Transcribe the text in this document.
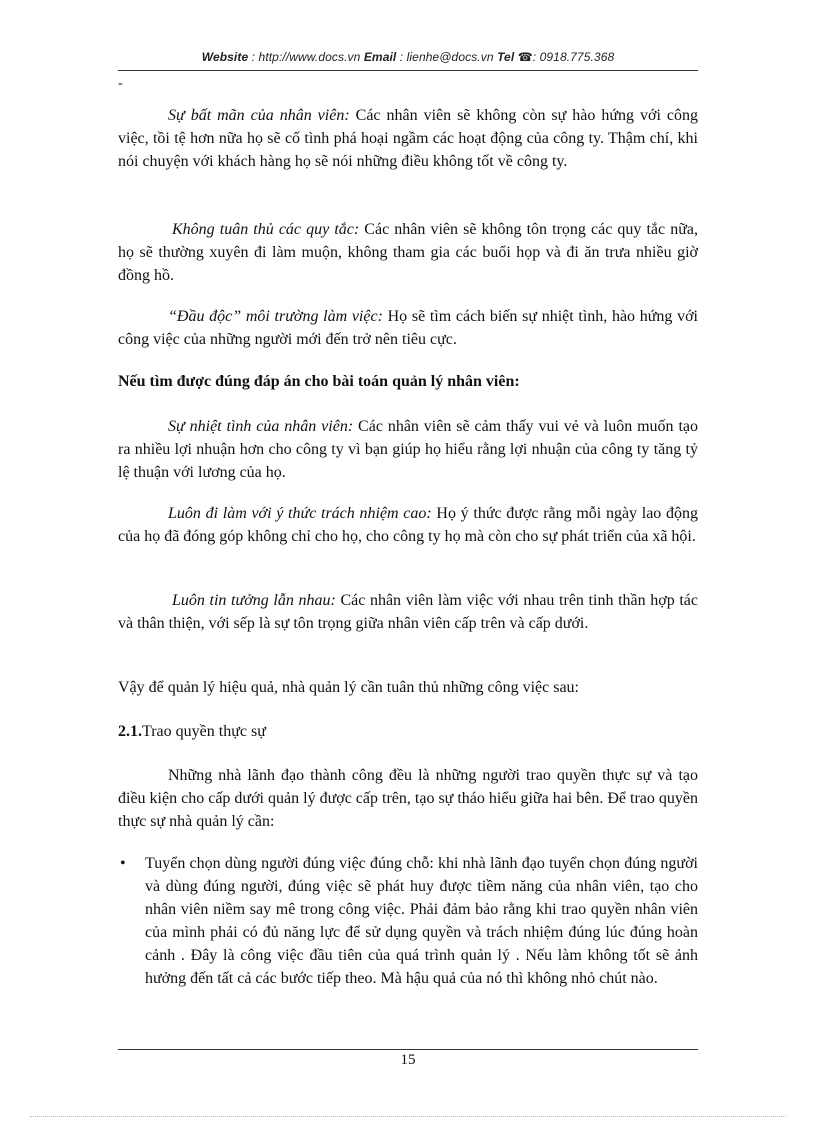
Website : http://www.docs.vn Email : lienhe@docs.vn Tel ☎: 0918.775.368
-

Sự bất mãn của nhân viên: Các nhân viên sẽ không còn sự hào hứng với công việc, tồi tệ hơn nữa họ sẽ cố tình phá hoại ngầm các hoạt động của công ty. Thậm chí, khi nói chuyện với khách hàng họ sẽ nói những điều không tốt về công ty.

Không tuân thủ các quy tắc: Các nhân viên sẽ không tôn trọng các quy tắc nữa, họ sẽ thường xuyên đi làm muộn, không tham gia các buổi họp và đi ăn trưa nhiều giờ đồng hồ.

“Đầu độc” môi trường làm việc: Họ sẽ tìm cách biến sự nhiệt tình, hào hứng với công việc của những người mới đến trở nên tiêu cực.

Nếu tìm được đúng đáp án cho bài toán quản lý nhân viên:

Sự nhiệt tình của nhân viên: Các nhân viên sẽ cảm thấy vui vẻ và luôn muốn tạo ra nhiều lợi nhuận hơn cho công ty vì bạn giúp họ hiểu rằng lợi nhuận của công ty tăng tỷ lệ thuận với lương của họ.

Luôn đi làm với ý thức trách nhiệm cao: Họ ý thức được rằng mỗi ngày lao động của họ đã đóng góp không chỉ cho họ, cho công ty họ mà còn cho sự phát triển của xã hội.

Luôn tin tưởng lẫn nhau: Các nhân viên làm việc với nhau trên tinh thần hợp tác và thân thiện, với sếp là sự tôn trọng giữa nhân viên cấp trên và cấp dưới.

Vậy để quản lý hiệu quả, nhà quản lý cần tuân thủ những công việc sau:

2.1.Trao quyền thực sự

Những nhà lãnh đạo thành công đều là những người trao quyền thực sự và tạo điều kiện cho cấp dưới quản lý được cấp trên, tạo sự tháo hiểu giữa hai bên. Để trao quyền thực sự nhà quản lý cần:

• Tuyển chọn dùng người đúng việc đúng chỗ: khi nhà lãnh đạo tuyển chọn đúng người và dùng đúng người, đúng việc sẽ phát huy được tiềm năng của nhân viên, tạo cho nhân viên niềm say mê trong công việc. Phải đảm bảo rằng khi trao quyền nhân viên của mình phải có đủ năng lực để sử dụng quyền và trách nhiệm đúng lúc đúng hoàn cảnh . Đây là công việc đầu tiên của quá trình quản lý . Nếu làm không tốt sẽ ảnh hưởng đến tất cả các bước tiếp theo. Mà hậu quả của nó thì không nhỏ chút nào.

15
